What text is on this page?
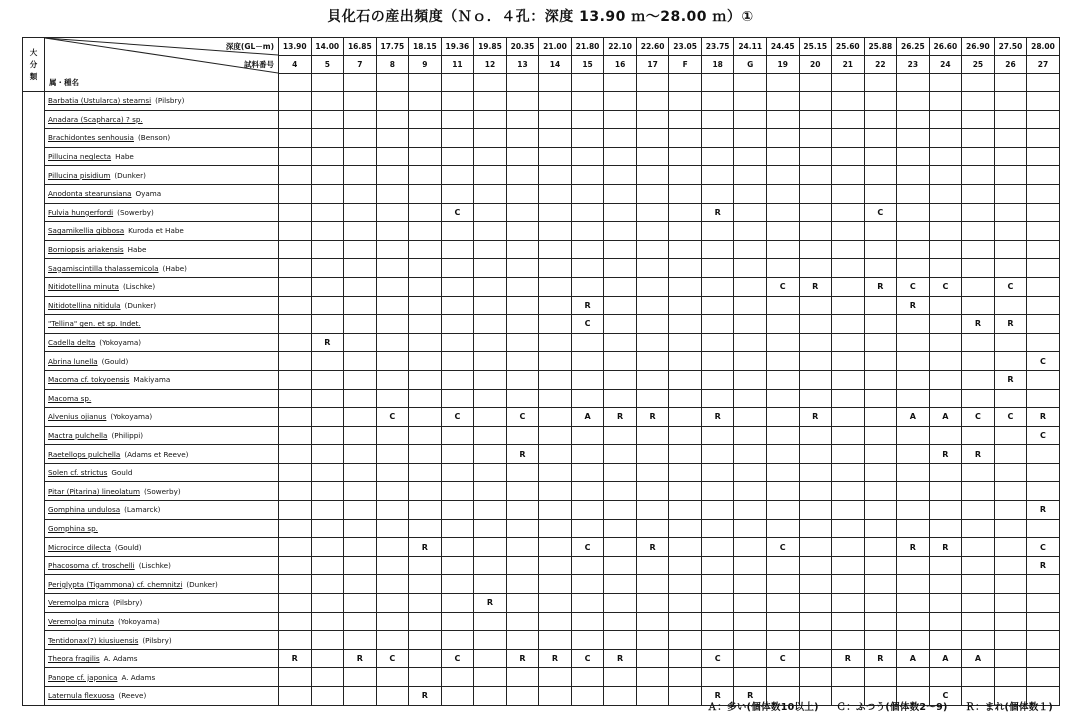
貝化石の産出頻度（Ｎｏ．４孔：深度 13.90 ｍ～28.00 ｍ）①
大
分
類	深度(GL－m)
試料番号
属・種名	13.90	14.00	16.85	17.75	18.15	19.36	19.85	20.35	21.00	21.80	22.10	22.60	23.05	23.75	24.11	24.45	25.15	25.60	25.88	26.25	26.60	26.90	27.50	28.00
		4	5	7	8	9	11	12	13	14	15	16	17	F	18	G	19	20	21	22	23	24	25	26	27

	Barbatia (Ustularca) stearnsi (Pilsbry)																								
	Anadara (Scapharca) ? sp.																								
	Brachidontes senhousia (Benson)																								
	Pillucina neglecta Habe																								
	Pillucina pisidium (Dunker)																								
	Anodonta stearunsiana Oyama																								
	Fulvia hungerfordi (Sowerby)						C								R					C					
	Sagamikellia gibbosa Kuroda et Habe																								
	Borniopsis ariakensis Habe																								
	Sagamiscintilla thalassemicola (Habe)																								
	Nitidotellina minuta (Lischke)																C	R		R	C	C		C	
	Nitidotellina nitidula (Dunker)										R										R				
	"Tellina" gen. et sp. Indet.										C												R	R	
	Cadella delta (Yokoyama)		R																						
	Abrina lunella (Gould)																								C
	Macoma cf. tokyoensis Makiyama																							R	
	Macoma sp.																								
	Alvenius ojianus (Yokoyama)				C		C		C		A	R	R		R			R			A	A	C	C	R
	Mactra pulchella (Philippi)																								C
	Raetellops pulchella (Adams et Reeve)								R													R	R		
	Solen cf. strictus Gould																								
	Pitar (Pitarina) lineolatum (Sowerby)																								
	Gomphina undulosa (Lamarck)																								R
	Gomphina sp.																								
	Microcirce dilecta (Gould)					R					C		R				C				R	R			C
	Phacosoma cf. troschelli (Lischke)																								R
	Periglypta (Tigammona) cf. chemnitzi (Dunker)																								
	Veremolpa micra (Pilsbry)							R																	
	Veremolpa minuta (Yokoyama)																								
	Tentidonax(?) kiusiuensis (Pilsbry)																								
	Theora fragilis A. Adams	R		R	C		C		R	R	C	R			C		C		R	R	A	A	A		
	Panope cf. japonica A. Adams																								
	Laternula flexuosa (Reeve)					R									R	R						C			
Ａ：多い(個体数10以上) Ｃ：ふつう(個体数2～9) Ｒ：まれ(個体数１)
